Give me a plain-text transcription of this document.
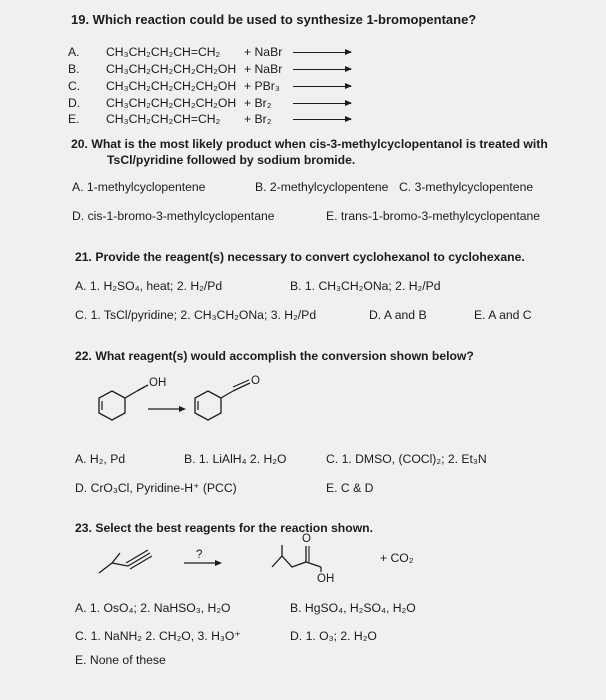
19. Which reaction could be used to synthesize 1-bromopentane?
A. CH₃CH₂CH₂CH=CH₂ + NaBr →
B. CH₃CH₂CH₂CH₂CH₂OH + NaBr →
C. CH₃CH₂CH₂CH₂CH₂OH + PBr₃ →
D. CH₃CH₂CH₂CH₂CH₂OH + Br₂ →
E. CH₃CH₂CH₂CH=CH₂ + Br₂ →
20. What is the most likely product when cis-3-methylcyclopentanol is treated with
TsCl/pyridine followed by sodium bromide.
A. 1-methylcyclopentene	B. 2-methylcyclopentene C. 3-methylcyclopentene
D. cis-1-bromo-3-methylcyclopentane	E. trans-1-bromo-3-methylcyclopentane
21. Provide the reagent(s) necessary to convert cyclohexanol to cyclohexane.
A. 1. H₂SO₄, heat; 2. H₂/Pd	B. 1. CH₃CH₂ONa; 2. H₂/Pd
C. 1. TsCl/pyridine; 2. CH₃CH₂ONa; 3. H₂/Pd	D. A and B	E. A and C
22. What reagent(s) would accomplish the conversion shown below?
OH	O
A. H₂, Pd	B. 1. LiAlH₄ 2. H₂O	C. 1. DMSO, (COCl)₂; 2. Et₃N
D. CrO₃Cl, Pyridine-H⁺ (PCC)	E. C & D
23. Select the best reagents for the reaction shown.
?
O
OH
+ CO₂
A. 1. OsO₄; 2. NaHSO₃, H₂O	B. HgSO₄, H₂SO₄, H₂O
C. 1. NaNH₂ 2. CH₂O, 3. H₃O⁺	D. 1. O₃; 2. H₂O
E. None of these
